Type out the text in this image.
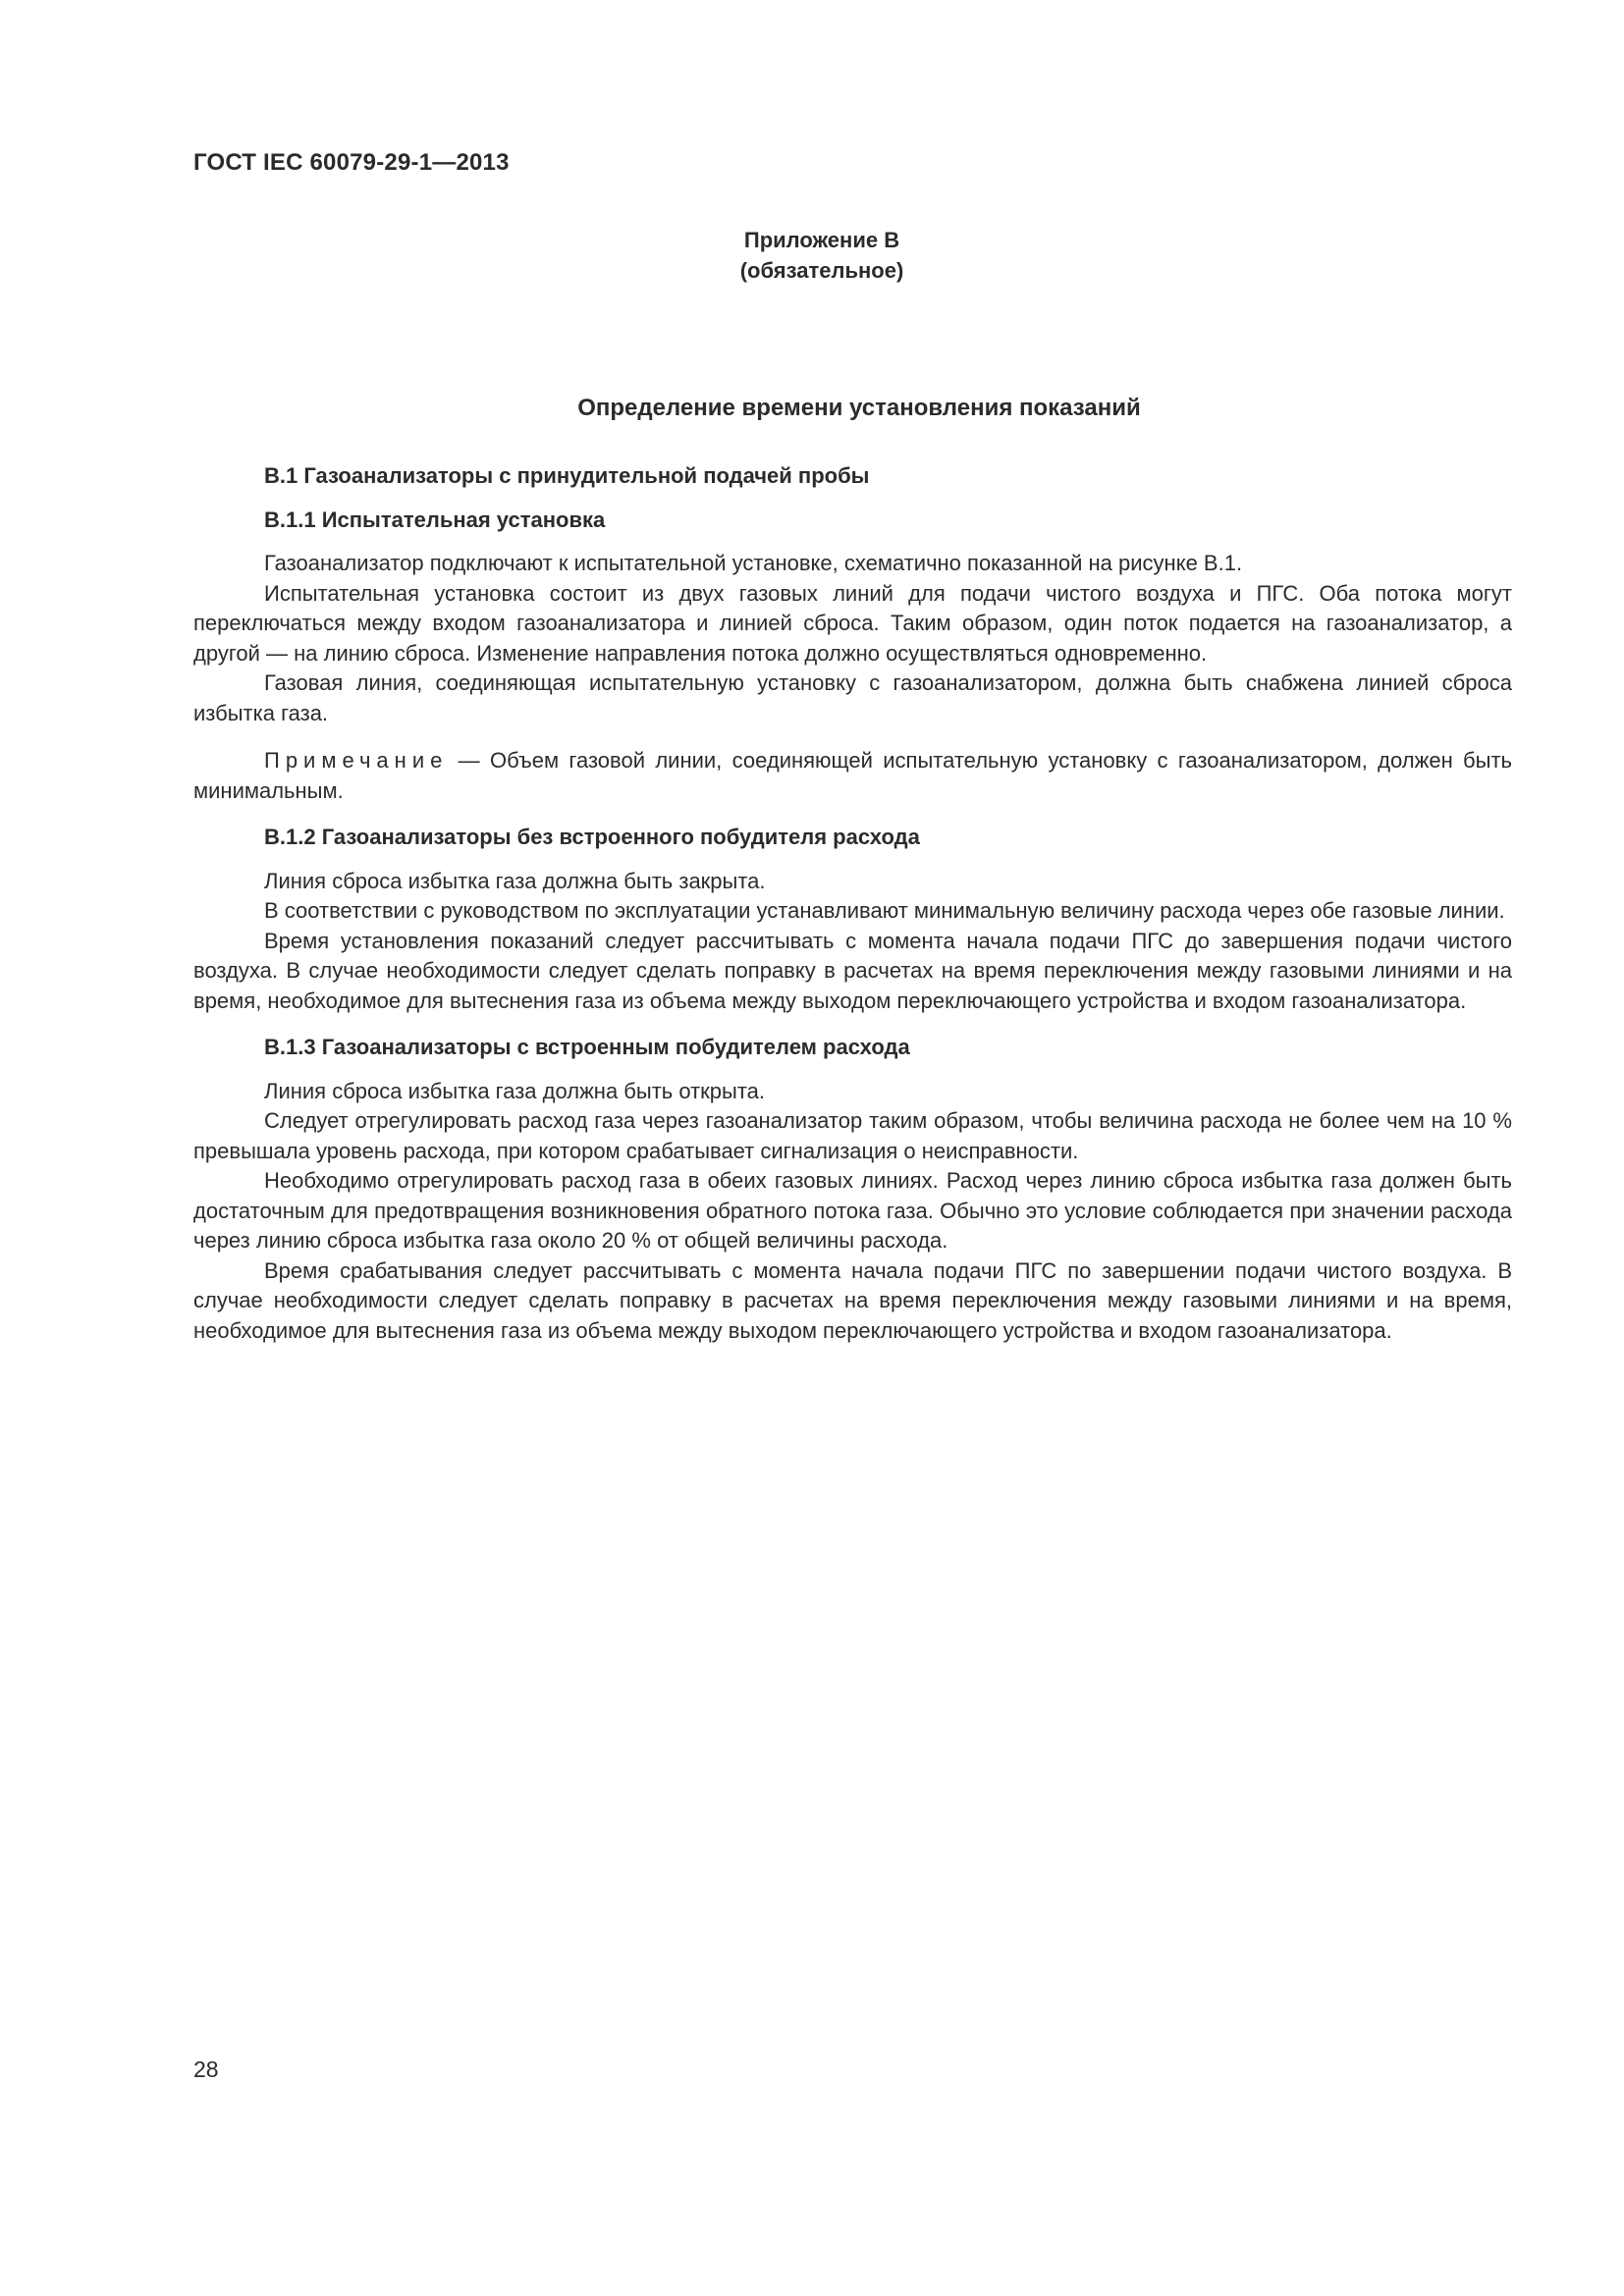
ГОСТ IEC 60079-29-1—2013
Приложение В
(обязательное)
Определение времени установления показаний
В.1 Газоанализаторы с принудительной подачей пробы
В.1.1 Испытательная установка

Газоанализатор подключают к испытательной установке, схематично показанной на рисунке В.1.

Испытательная установка состоит из двух газовых линий для подачи чистого воздуха и ПГС. Оба потока могут переключаться между входом газоанализатора и линией сброса. Таким образом, один поток подается на газоанализатор, а другой — на линию сброса. Изменение направления потока должно осуществляться одновременно.

Газовая линия, соединяющая испытательную установку с газоанализатором, должна быть снабжена линией сброса избытка газа.

Примечание — Объем газовой линии, соединяющей испытательную установку с газоанализатором, должен быть минимальным.

В.1.2 Газоанализаторы без встроенного побудителя расхода

Линия сброса избытка газа должна быть закрыта.

В соответствии с руководством по эксплуатации устанавливают минимальную величину расхода через обе газовые линии.

Время установления показаний следует рассчитывать с момента начала подачи ПГС до завершения подачи чистого воздуха. В случае необходимости следует сделать поправку в расчетах на время переключения между газовыми линиями и на время, необходимое для вытеснения газа из объема между выходом переключающего устройства и входом газоанализатора.

В.1.3 Газоанализаторы с встроенным побудителем расхода

Линия сброса избытка газа должна быть открыта.

Следует отрегулировать расход газа через газоанализатор таким образом, чтобы величина расхода не более чем на 10 % превышала уровень расхода, при котором срабатывает сигнализация о неисправности.

Необходимо отрегулировать расход газа в обеих газовых линиях. Расход через линию сброса избытка газа должен быть достаточным для предотвращения возникновения обратного потока газа. Обычно это условие соблюдается при значении расхода через линию сброса избытка газа около 20 % от общей величины расхода.

Время срабатывания следует рассчитывать с момента начала подачи ПГС по завершении подачи чистого воздуха. В случае необходимости следует сделать поправку в расчетах на время переключения между газовыми линиями и на время, необходимое для вытеснения газа из объема между выходом переключающего устройства и входом газоанализатора.

28
